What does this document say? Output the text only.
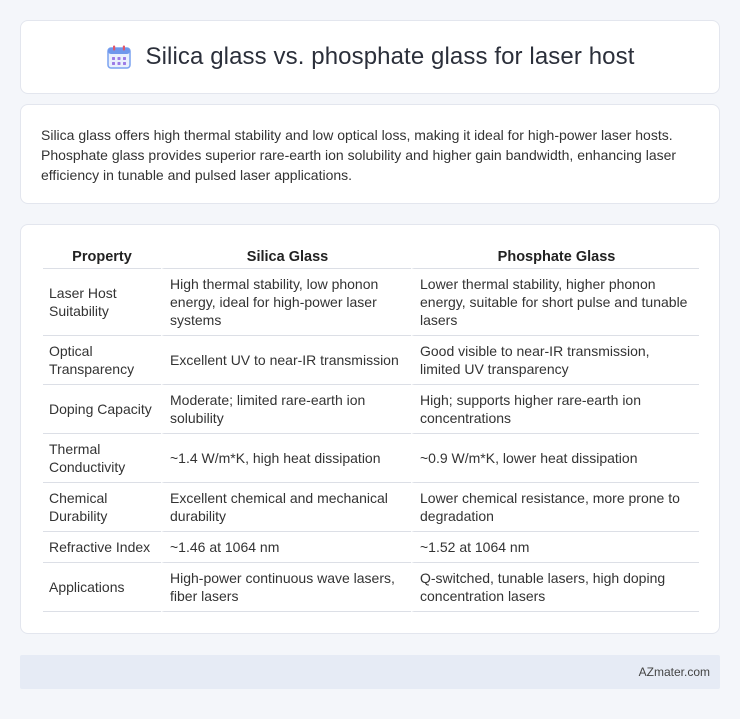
Silica glass vs. phosphate glass for laser host

Silica glass offers high thermal stability and low optical loss, making it ideal for high-power laser hosts. Phosphate glass provides superior rare-earth ion solubility and higher gain bandwidth, enhancing laser efficiency in tunable and pulsed laser applications.

Property	Silica Glass	Phosphate Glass
Laser Host Suitability	High thermal stability, low phonon energy, ideal for high-power laser systems	Lower thermal stability, higher phonon energy, suitable for short pulse and tunable lasers
Optical Transparency	Excellent UV to near-IR transmission	Good visible to near-IR transmission, limited UV transparency
Doping Capacity	Moderate; limited rare-earth ion solubility	High; supports higher rare-earth ion concentrations
Thermal Conductivity	~1.4 W/m*K, high heat dissipation	~0.9 W/m*K, lower heat dissipation
Chemical Durability	Excellent chemical and mechanical durability	Lower chemical resistance, more prone to degradation
Refractive Index	~1.46 at 1064 nm	~1.52 at 1064 nm
Applications	High-power continuous wave lasers, fiber lasers	Q-switched, tunable lasers, high doping concentration lasers
AZmater.com
